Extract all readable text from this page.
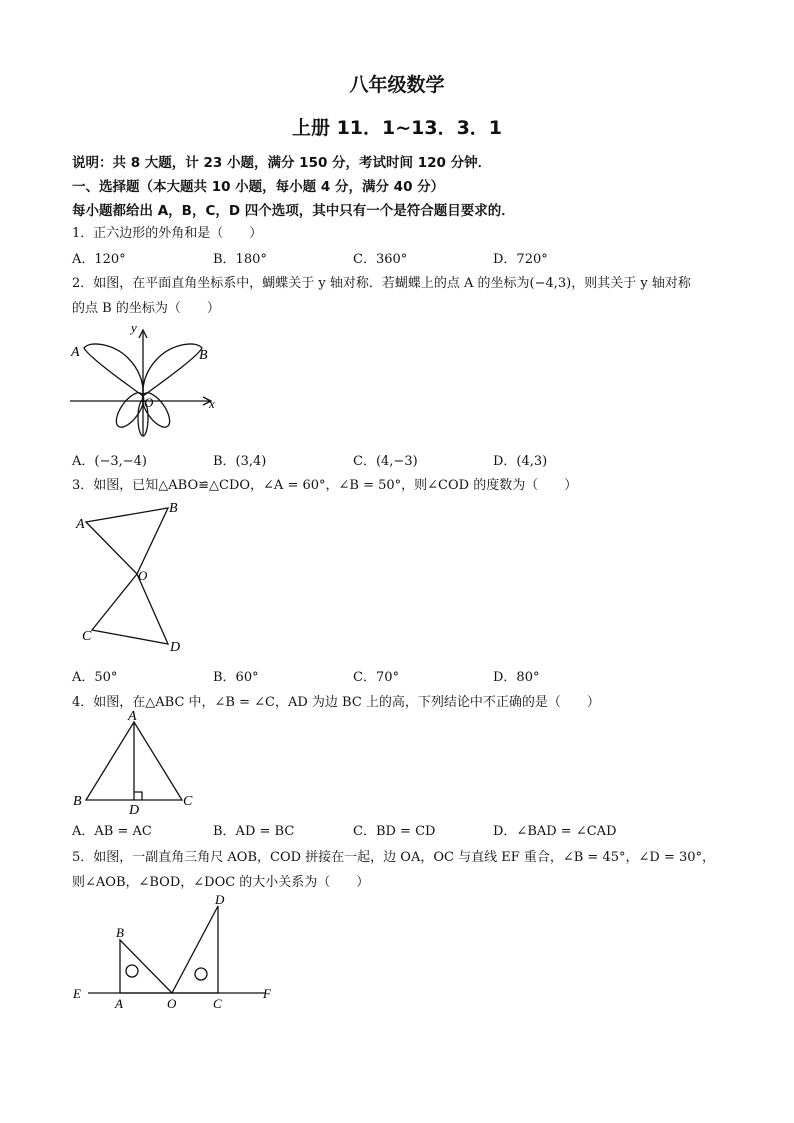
八年级数学
上册 11．1~13．3．1
说明：共 8 大题，计 23 小题，满分 150 分，考试时间 120 分钟．
一、选择题（本大题共 10 小题，每小题 4 分，满分 40 分）
每小题都给出 A，B，C，D 四个选项，其中只有一个是符合题目要求的．
1．正六边形的外角和是（　　）
A．120°	B．180°	C．360°	D．720°
2．如图，在平面直角坐标系中，蝴蝶关于 y 轴对称．若蝴蝶上的点 A 的坐标为(−4,3)，则其关于 y 轴对称
的点 B 的坐标为（　　）
y
x
A	B
O
A．(−3,−4)	B．(3,4)	C．(4,−3)	D．(4,3)
3．如图，已知△ABO≌△CDO，∠A = 60°，∠B = 50°，则∠COD 的度数为（　　）
A
B
O
C
D
A．50°	B．60°	C．70°	D．80°
4．如图，在△ABC 中，∠B = ∠C，AD 为边 BC 上的高，下列结论中不正确的是（　　）
A
B
D
C
A．AB = AC	B．AD = BC	C．BD = CD	D．∠BAD = ∠CAD
5．如图，一副直角三角尺 AOB，COD 拼接在一起，边 OA，OC 与直线 EF 重合，∠B = 45°，∠D = 30°，
则∠AOB，∠BOD，∠DOC 的大小关系为（　　）
D
B
E
A	O	C
F
